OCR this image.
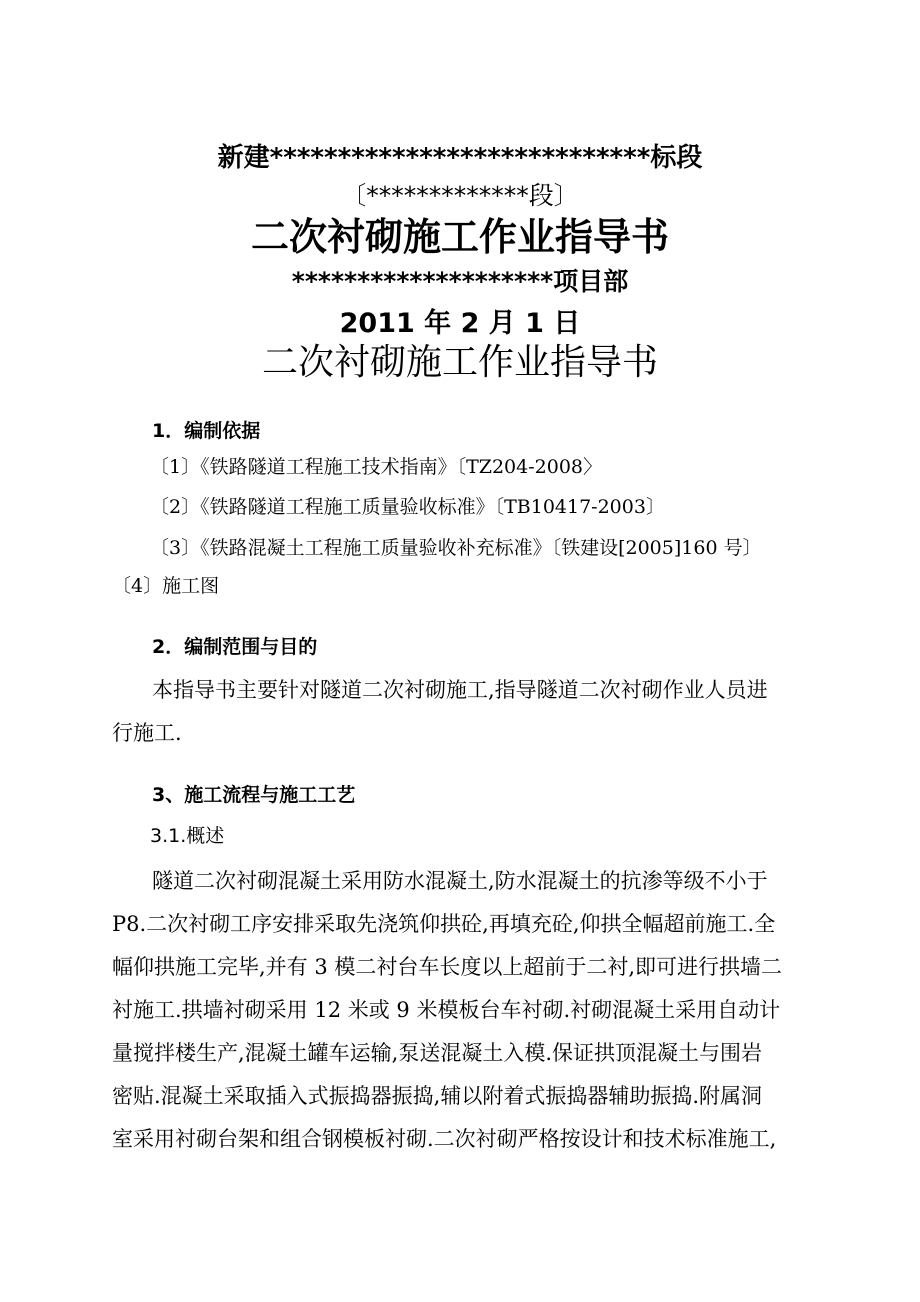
新建****************************标段
〔*************段〕
二次衬砌施工作业指导书
********************项目部
2011 年 2 月 1 日
二次衬砌施工作业指导书
1．编制依据
〔1〕《铁路隧道工程施工技术指南》〔TZ204-2008〉
〔2〕《铁路隧道工程施工质量验收标准》〔TB10417-2003〕
〔3〕《铁路混凝土工程施工质量验收补充标准》〔铁建设[2005]160 号〕
〔4〕施工图
2．编制范围与目的
本指导书主要针对隧道二次衬砌施工,指导隧道二次衬砌作业人员进
行施工.
3、施工流程与施工工艺
3.1.概述
隧道二次衬砌混凝土采用防水混凝土,防水混凝土的抗渗等级不小于
P8.二次衬砌工序安排采取先浇筑仰拱砼,再填充砼,仰拱全幅超前施工.全
幅仰拱施工完毕,并有 3 模二衬台车长度以上超前于二衬,即可进行拱墙二
衬施工.拱墙衬砌采用 12 米或 9 米模板台车衬砌.衬砌混凝土采用自动计
量搅拌楼生产,混凝土罐车运输,泵送混凝土入模.保证拱顶混凝土与围岩
密贴.混凝土采取插入式振捣器振捣,辅以附着式振捣器辅助振捣.附属洞
室采用衬砌台架和组合钢模板衬砌.二次衬砌严格按设计和技术标准施工,
